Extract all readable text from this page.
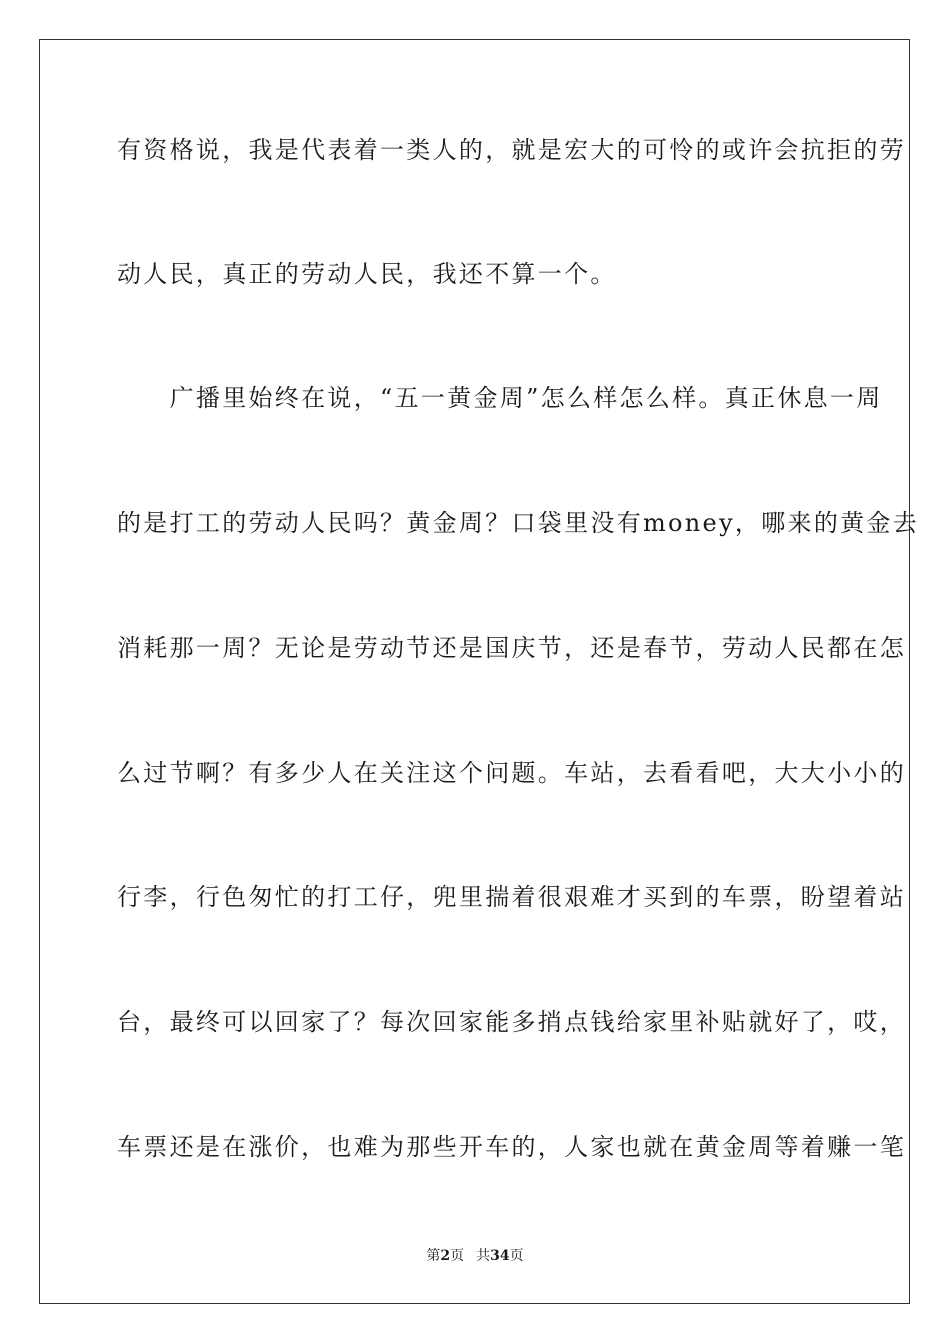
有资格说，我是代表着一类人的，就是宏大的可怜的或许会抗拒的劳
动人民，真正的劳动人民，我还不算一个。
　　广播里始终在说，“五一黄金周”怎么样怎么样。真正休息一周
的是打工的劳动人民吗？黄金周？口袋里没有money，哪来的黄金去
消耗那一周？无论是劳动节还是国庆节，还是春节，劳动人民都在怎
么过节啊？有多少人在关注这个问题。车站，去看看吧，大大小小的
行李，行色匆忙的打工仔，兜里揣着很艰难才买到的车票，盼望着站
台，最终可以回家了？每次回家能多捎点钱给家里补贴就好了，哎，
车票还是在涨价，也难为那些开车的，人家也就在黄金周等着赚一笔
第2页 共34页
